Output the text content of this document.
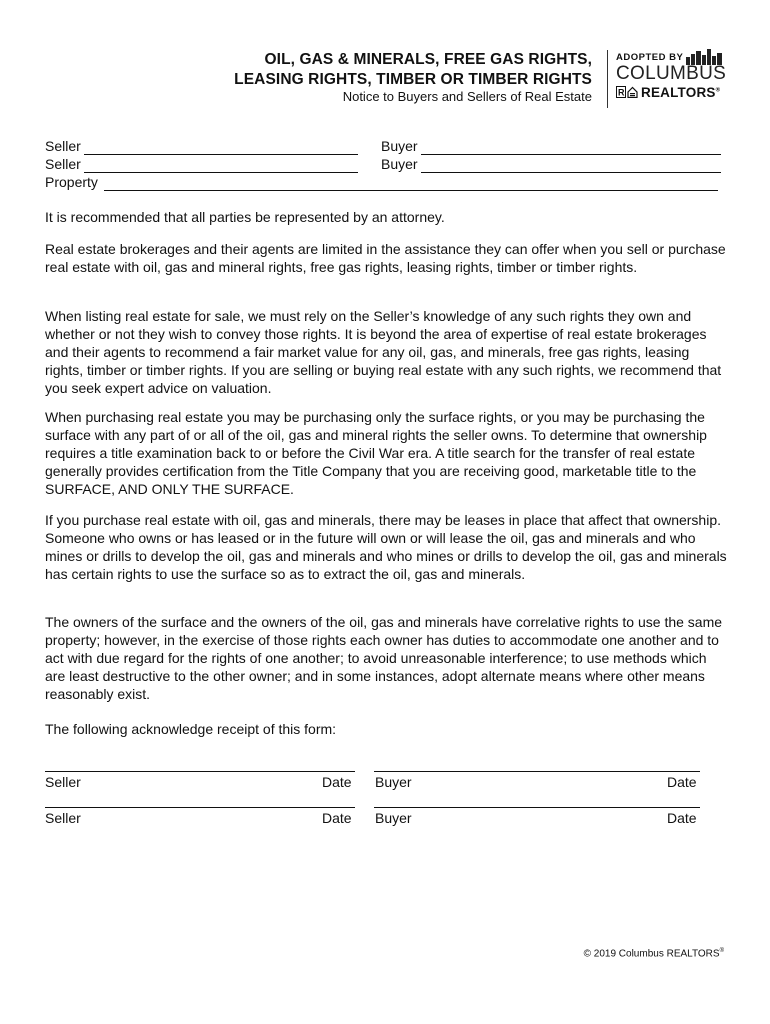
OIL, GAS & MINERALS, FREE GAS RIGHTS,
LEASING RIGHTS, TIMBER OR TIMBER RIGHTS
Notice to Buyers and Sellers of Real Estate
ADOPTED BY
COLUMBUS
R REALTORS®
Seller	Buyer
Seller	Buyer
Property

It is recommended that all parties be represented by an attorney.

Real estate brokerages and their agents are limited in the assistance they can offer when you sell or purchase real estate with oil, gas and mineral rights, free gas rights, leasing rights, timber or timber rights.

When listing real estate for sale, we must rely on the Seller’s knowledge of any such rights they own and whether or not they wish to convey those rights. It is beyond the area of expertise of real estate brokerages and their agents to recommend a fair market value for any oil, gas, and minerals, free gas rights, leasing rights, timber or timber rights. If you are selling or buying real estate with any such rights, we recommend that you seek expert advice on valuation.

When purchasing real estate you may be purchasing only the surface rights, or you may be purchasing the surface with any part of or all of the oil, gas and mineral rights the seller owns. To determine that ownership requires a title examination back to or before the Civil War era. A title search for the transfer of real estate generally provides certification from the Title Company that you are receiving good, marketable title to the SURFACE, AND ONLY THE SURFACE.

If you purchase real estate with oil, gas and minerals, there may be leases in place that affect that ownership. Someone who owns or has leased or in the future will own or will lease the oil, gas and minerals and who mines or drills to develop the oil, gas and minerals and who mines or drills to develop the oil, gas and minerals has certain rights to use the surface so as to extract the oil, gas and minerals.

The owners of the surface and the owners of the oil, gas and minerals have correlative rights to use the same property; however, in the exercise of those rights each owner has duties to accommodate one another and to act with due regard for the rights of one another; to avoid unreasonable interference; to use methods which are least destructive to the other owner; and in some instances, adopt alternate means where other means reasonably exist.

The following acknowledge receipt of this form:

Seller	Date Buyer	Date
Seller	Date Buyer	Date
© 2019 Columbus REALTORS®
